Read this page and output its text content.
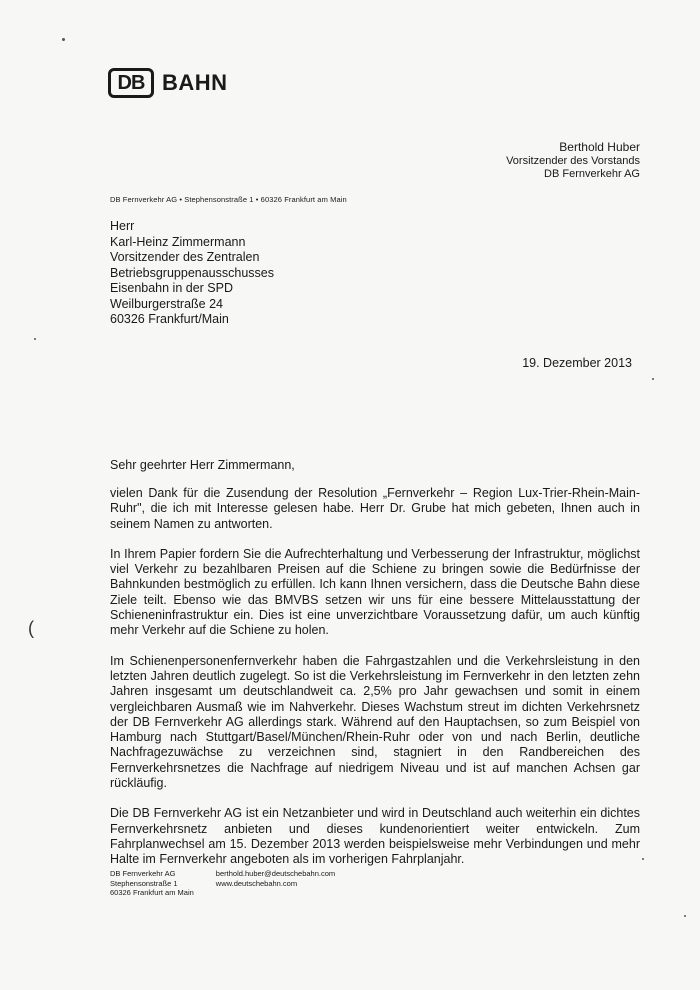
DB BAHN
Berthold Huber
Vorsitzender des Vorstands
DB Fernverkehr AG
DB Fernverkehr AG • Stephensonstraße 1 • 60326 Frankfurt am Main
Herr
Karl-Heinz Zimmermann
Vorsitzender des Zentralen
Betriebsgruppenausschusses
Eisenbahn in der SPD
Weilburgerstraße 24
60326 Frankfurt/Main
19. Dezember 2013
Sehr geehrter Herr Zimmermann,

vielen Dank für die Zusendung der Resolution „Fernverkehr – Region Lux-Trier-Rhein-Main-Ruhr", die ich mit Interesse gelesen habe. Herr Dr. Grube hat mich gebeten, Ihnen auch in seinem Namen zu antworten.

In Ihrem Papier fordern Sie die Aufrechterhaltung und Verbesserung der Infrastruktur, möglichst viel Verkehr zu bezahlbaren Preisen auf die Schiene zu bringen sowie die Bedürfnisse der Bahnkunden bestmöglich zu erfüllen. Ich kann Ihnen versichern, dass die Deutsche Bahn diese Ziele teilt. Ebenso wie das BMVBS setzen wir uns für eine bessere Mittelausstattung der Schieneninfrastruktur ein. Dies ist eine unverzichtbare Voraussetzung dafür, um auch künftig mehr Verkehr auf die Schiene zu holen.

Im Schienenpersonenfernverkehr haben die Fahrgastzahlen und die Verkehrsleistung in den letzten Jahren deutlich zugelegt. So ist die Verkehrsleistung im Fernverkehr in den letzten zehn Jahren insgesamt um deutschlandweit ca. 2,5% pro Jahr gewachsen und somit in einem vergleichbaren Ausmaß wie im Nahverkehr. Dieses Wachstum streut im dichten Verkehrsnetz der DB Fernverkehr AG allerdings stark. Während auf den Hauptachsen, so zum Beispiel von Hamburg nach Stuttgart/Basel/München/Rhein-Ruhr oder von und nach Berlin, deutliche Nachfragezuwächse zu verzeichnen sind, stagniert in den Randbereichen des Fernverkehrsnetzes die Nachfrage auf niedrigem Niveau und ist auf manchen Achsen gar rückläufig.

Die DB Fernverkehr AG ist ein Netzanbieter und wird in Deutschland auch weiterhin ein dichtes Fernverkehrsnetz anbieten und dieses kundenorientiert weiter entwickeln. Zum Fahrplanwechsel am 15. Dezember 2013 werden beispielsweise mehr Verbindungen und mehr Halte im Fernverkehr angeboten als im vorherigen Fahrplanjahr.

DB Fernverkehr AG
Stephensonstraße 1
60326 Frankfurt am Main
berthold.huber@deutschebahn.com
www.deutschebahn.com
(
